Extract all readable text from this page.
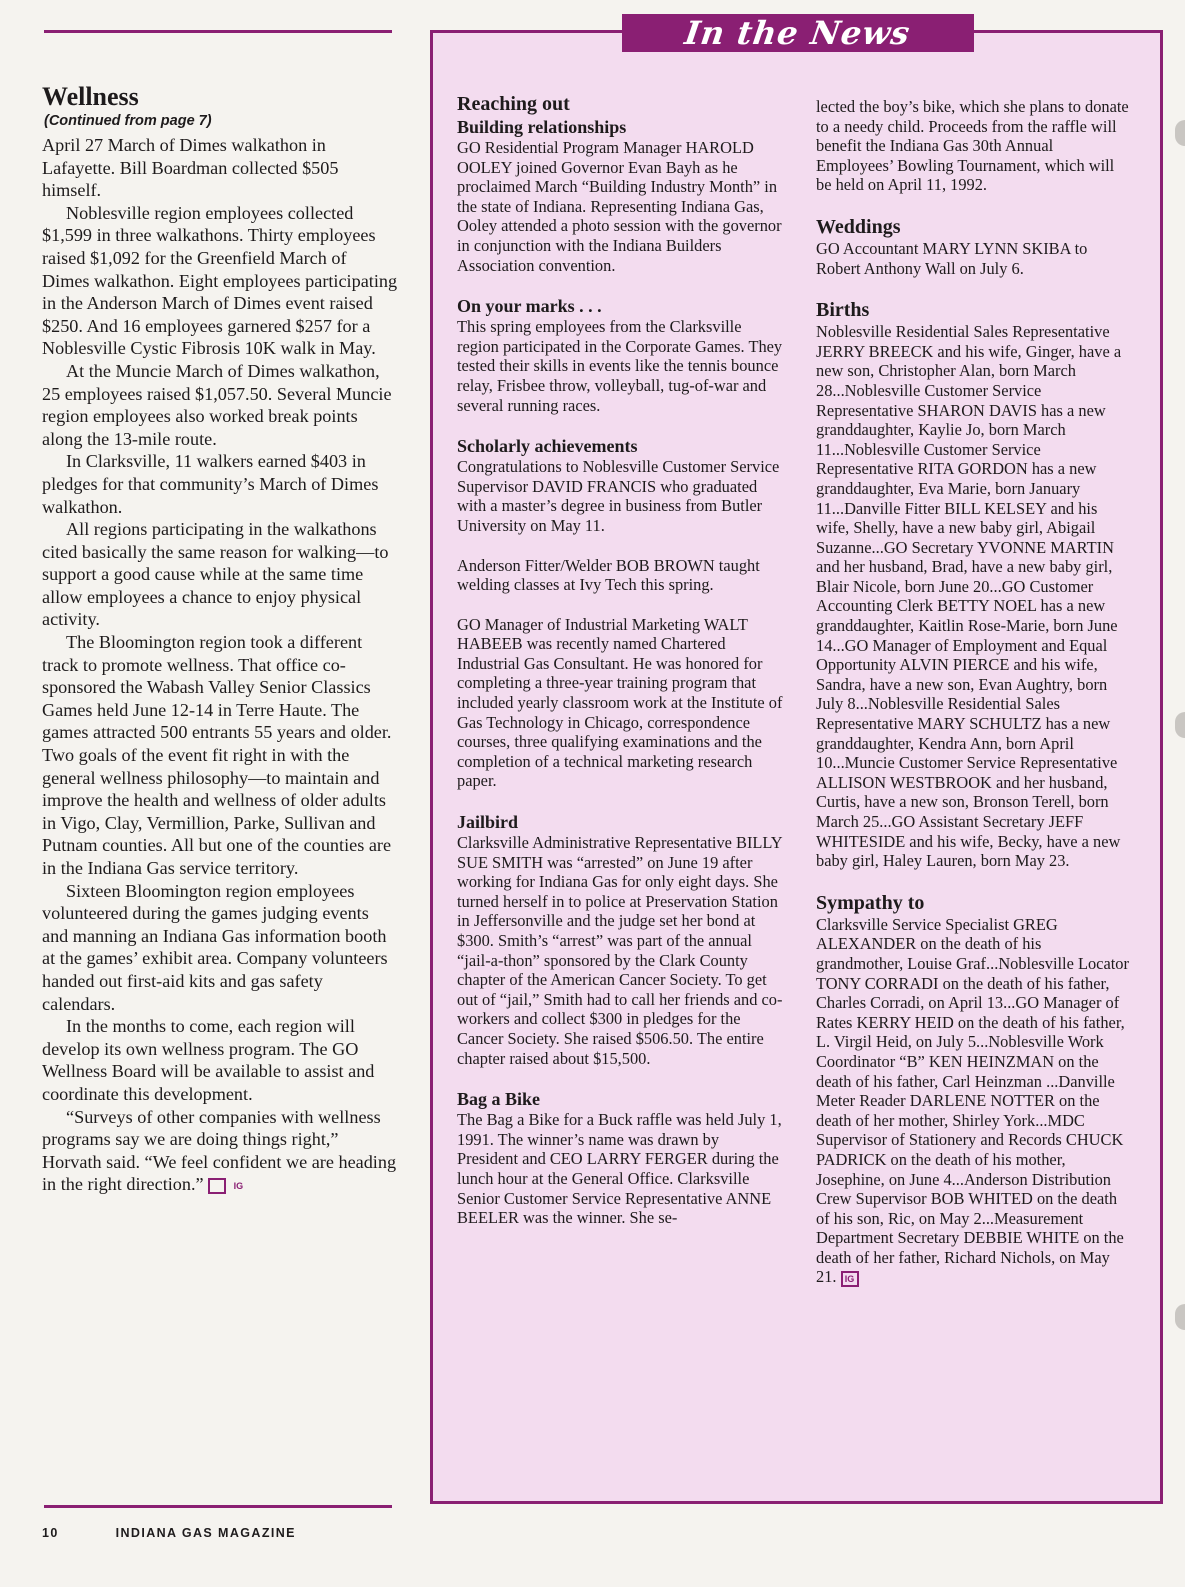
Wellness
(Continued from page 7)

April 27 March of Dimes walkathon in Lafayette. Bill Boardman collected $505 himself.

Noblesville region employees collected $1,599 in three walkathons. Thirty employees raised $1,092 for the Greenfield March of Dimes walkathon. Eight employees participating in the Anderson March of Dimes event raised $250. And 16 employees garnered $257 for a Noblesville Cystic Fibrosis 10K walk in May.

At the Muncie March of Dimes walkathon, 25 employees raised $1,057.50. Several Muncie region employees also worked break points along the 13-mile route.

In Clarksville, 11 walkers earned $403 in pledges for that community’s March of Dimes walkathon.

All regions participating in the walkathons cited basically the same reason for walking—to support a good cause while at the same time allow employees a chance to enjoy physical activity.

The Bloomington region took a different track to promote wellness. That office co-sponsored the Wabash Valley Senior Classics Games held June 12-14 in Terre Haute. The games attracted 500 entrants 55 years and older. Two goals of the event fit right in with the general wellness philosophy—to maintain and improve the health and wellness of older adults in Vigo, Clay, Vermillion, Parke, Sullivan and Putnam counties. All but one of the counties are in the Indiana Gas service territory.

Sixteen Bloomington region employees volunteered during the games judging events and manning an Indiana Gas information booth at the games’ exhibit area. Company volunteers handed out first-aid kits and gas safety calendars.

In the months to come, each region will develop its own wellness program. The GO Wellness Board will be available to assist and coordinate this development.

“Surveys of other companies with wellness programs say we are doing things right,” Horvath said. “We feel confident we are heading in the right direction.”	IG

In the News
Reaching out
Building relationships

GO Residential Program Manager HAROLD OOLEY joined Governor Evan Bayh as he proclaimed March “Building Industry Month” in the state of Indiana. Representing Indiana Gas, Ooley attended a photo session with the governor in conjunction with the Indiana Builders Association convention.

On your marks . . .

This spring employees from the Clarksville region participated in the Corporate Games. They tested their skills in events like the tennis bounce relay, Frisbee throw, volleyball, tug-of-war and several running races.

Scholarly achievements

Congratulations to Noblesville Customer Service Supervisor DAVID FRANCIS who graduated with a master’s degree in business from Butler University on May 11.

Anderson Fitter/Welder BOB BROWN taught welding classes at Ivy Tech this spring.

GO Manager of Industrial Marketing WALT HABEEB was recently named Chartered Industrial Gas Consultant. He was honored for completing a three-year training program that included yearly classroom work at the Institute of Gas Technology in Chicago, correspondence courses, three qualifying examinations and the completion of a technical marketing research paper.

Jailbird

Clarksville Administrative Representative BILLY SUE SMITH was “arrested” on June 19 after working for Indiana Gas for only eight days. She turned herself in to police at Preservation Station in Jeffersonville and the judge set her bond at $300. Smith’s “arrest” was part of the annual “jail-a-thon” sponsored by the Clark County chapter of the American Cancer Society. To get out of “jail,” Smith had to call her friends and co-workers and collect $300 in pledges for the Cancer Society. She raised $506.50. The entire chapter raised about $15,500.

Bag a Bike

The Bag a Bike for a Buck raffle was held July 1, 1991. The winner’s name was drawn by President and CEO LARRY FERGER during the lunch hour at the General Office. Clarksville Senior Customer Service Representative ANNE BEELER was the winner. She se-

lected the boy’s bike, which she plans to donate to a needy child. Proceeds from the raffle will benefit the Indiana Gas 30th Annual Employees’ Bowling Tournament, which will be held on April 11, 1992.

Weddings

GO Accountant MARY LYNN SKIBA to Robert Anthony Wall on July 6.

Births

Noblesville Residential Sales Representative JERRY BREECK and his wife, Ginger, have a new son, Christopher Alan, born March 28...Noblesville Customer Service Representative SHARON DAVIS has a new granddaughter, Kaylie Jo, born March 11...Noblesville Customer Service Representative RITA GORDON has a new granddaughter, Eva Marie, born January 11...Danville Fitter BILL KELSEY and his wife, Shelly, have a new baby girl, Abigail Suzanne...GO Secretary YVONNE MARTIN and her husband, Brad, have a new baby girl, Blair Nicole, born June 20...GO Customer Accounting Clerk BETTY NOEL has a new granddaughter, Kaitlin Rose-Marie, born June 14...GO Manager of Employment and Equal Opportunity ALVIN PIERCE and his wife, Sandra, have a new son, Evan Aughtry, born July 8...Noblesville Residential Sales Representative MARY SCHULTZ has a new granddaughter, Kendra Ann, born April 10...Muncie Customer Service Representative ALLISON WESTBROOK and her husband, Curtis, have a new son, Bronson Terell, born March 25...GO Assistant Secretary JEFF WHITESIDE and his wife, Becky, have a new baby girl, Haley Lauren, born May 23.

Sympathy to

Clarksville Service Specialist GREG ALEXANDER on the death of his grandmother, Louise Graf...Noblesville Locator TONY CORRADI on the death of his father, Charles Corradi, on April 13...GO Manager of Rates KERRY HEID on the death of his father, L. Virgil Heid, on July 5...Noblesville Work Coordinator “B” KEN HEINZMAN on the death of his father, Carl Heinzman ...Danville Meter Reader DARLENE NOTTER on the death of her mother, Shirley York...MDC Supervisor of Stationery and Records CHUCK PADRICK on the death of his mother, Josephine, on June 4...Anderson Distribution Crew Supervisor BOB WHITED on the death of his son, Ric, on May 2...Measurement Department Secretary DEBBIE WHITE on the death of her father, Richard Nichols, on May 21. IG

10	INDIANA GAS MAGAZINE
